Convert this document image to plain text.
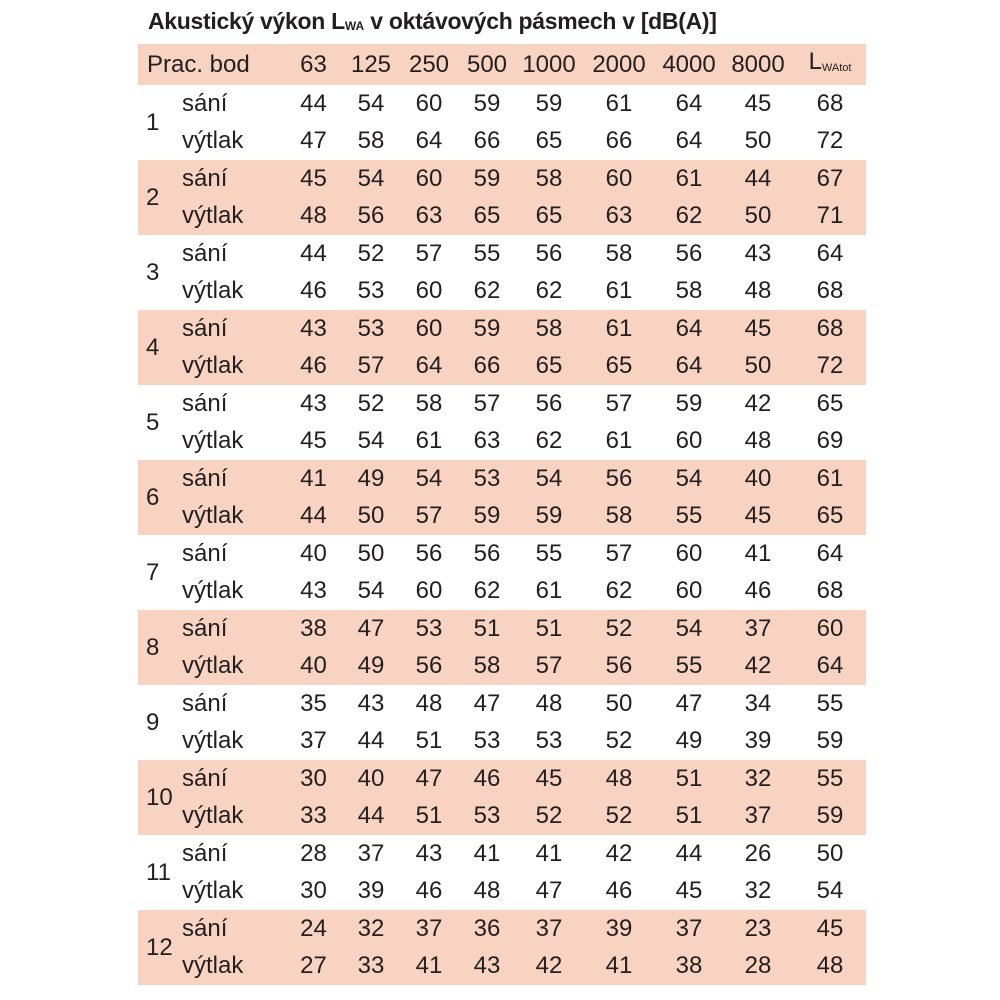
Akustický výkon LWA v oktávových pásmech v [dB(A)]
Prac. bod		63	125	250	500	1000	2000	4000	8000	LWAtot
1	sání	44	54	60	59	59	61	64	45	68
	výtlak	47	58	64	66	65	66	64	50	72
2	sání	45	54	60	59	58	60	61	44	67
	výtlak	48	56	63	65	65	63	62	50	71
3	sání	44	52	57	55	56	58	56	43	64
	výtlak	46	53	60	62	62	61	58	48	68
4	sání	43	53	60	59	58	61	64	45	68
	výtlak	46	57	64	66	65	65	64	50	72
5	sání	43	52	58	57	56	57	59	42	65
	výtlak	45	54	61	63	62	61	60	48	69
6	sání	41	49	54	53	54	56	54	40	61
	výtlak	44	50	57	59	59	58	55	45	65
7	sání	40	50	56	56	55	57	60	41	64
	výtlak	43	54	60	62	61	62	60	46	68
8	sání	38	47	53	51	51	52	54	37	60
	výtlak	40	49	56	58	57	56	55	42	64
9	sání	35	43	48	47	48	50	47	34	55
	výtlak	37	44	51	53	53	52	49	39	59
10	sání	30	40	47	46	45	48	51	32	55
	výtlak	33	44	51	53	52	52	51	37	59
11	sání	28	37	43	41	41	42	44	26	50
	výtlak	30	39	46	48	47	46	45	32	54
12	sání	24	32	37	36	37	39	37	23	45
	výtlak	27	33	41	43	42	41	38	28	48
